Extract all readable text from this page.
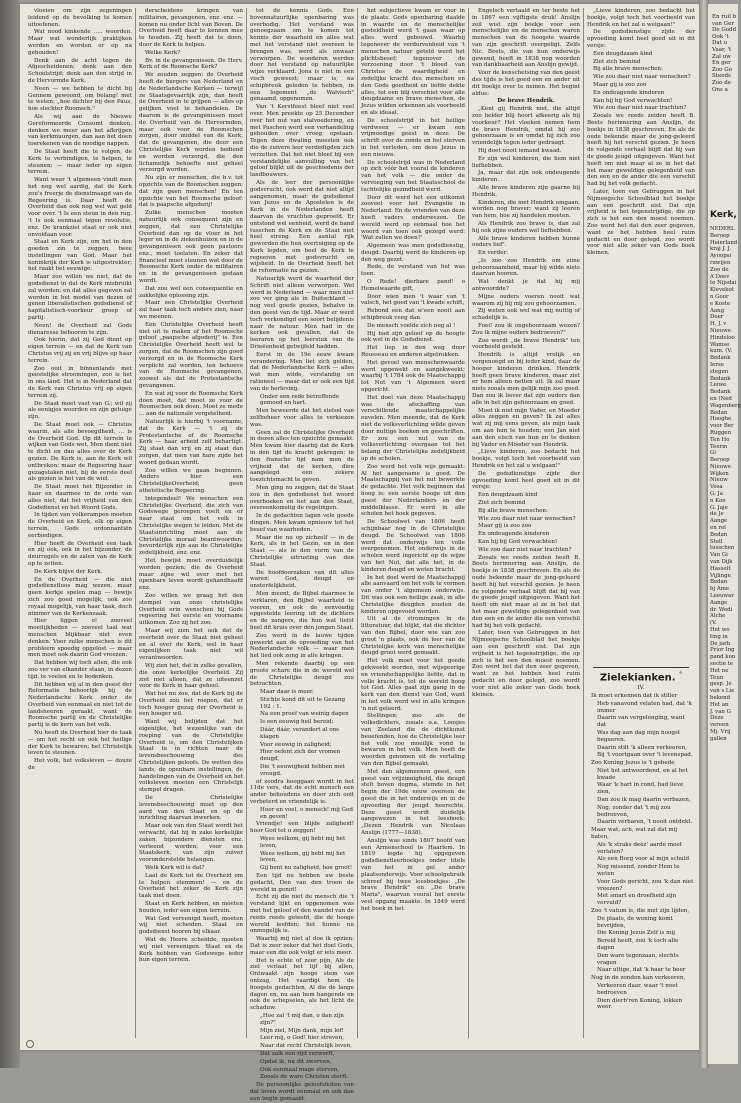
vloeien om zijn zegeningen leidend op de bevolking te komen uitoefenen.

Wat nood kinkende ..... woorden. Maar wat wonderlijk praktijken werden en worden er op na gehouden!

Denk aan de acht tegen de Afgescheidenen; denk aan den Schoolstrijd; denk aan den strijd in de Hervormde Kerk.

Neen — we hebben te dicht bij Gennem gewoond, om belang! met te weten; „hoe dichter bij den Paus, hoe slechter Roomsch."

Als wij aan de Nieuwe Gereformeerde Consumt denken, denken we meer aan het afkrijgen van kerkmuurgen, dan aan het doen toerekenen van de noodige nappen.

De Staat heeft die te volgen, de Kerk te verbindigen, te helpen, te steunen; — maar ieder op eigen terrein.

Want weer 't algemeen vindt men het nog wel aardig, dat de Kerk zou's freerje de dienstmaagd van de Regeering is. Daar heeft de Overheid dan ook nog wel wat geld voor over. 't Is een steun in den rug. 't Is ook eenmaal tegen revolutie, enz. De krankziel staat er ook niet onvoldaan voor.

Staat en Kerk zijn, om het in den goeden zin te zeggen, twee instellingen van God. Maar het koninkrijk der Kerk is uitgestrekter; het raakt het eeuwige.

Maar zoo willen we niet, dat de godsdienst in dat de Kerk misbruikt zal worden; en dat alles gegeven zal worden in het model van dezen of genen liberalistischen godsdienst of kapitalistisch-voorkeur groep of partij.

Neen! de Overheid zal Gods dienaresse behooren te zijn.

Ook hierin, dat zij God dient op eigen terrein — en dat de Kerk van Christus vrij zij en vrij blijve op haar terrein.

Zoo ooit in binnenlands met geestelijke stroomingen, zoo is het in ons land. Het is in Nederland dat de Kerk van Christus vrij op eigen terrein zij.

De Staat moet vast van G.; wil zij als eenigjes woorden en zijn getuige zijn.

De Staat moet ook — Christus waarin, als alle bevoegdheid, ... is de Overheid God. Op dit terrein te wijken van Gods wet, Men dient niet te dicht en dan alles over de Kerk gezien. De Kerk is, aan de Kerk wil ontbreken; maar de Regeering haar gezagstaken niet, bij de eerste deel als gezien is het van de wiel.

De Staat moet het Bijzonder in haar en daarmee in de orde van alles niet, dat het vrijheid van den Godsdienst en het Woord Gods.

In tijden van volkerampen moeten de Overheid en Kerk, elk op eigen terrein, Gods ordonnantiën eerbiedigen.

Hier heeft de Overheid een taak en zij ook, ook in het bijzonder, de deurregels en de zalen van de Kerk op te zetten.

De Kerk blijve der Kerk.

En de Overheid — die niet godsdienstloos mag wezen, maar geen kerkje spelen mag — bewijs zich zoo goed mogelijk, ook zoo royaal mogelijk, van haar taak, doch nimmer van de Kerkenzaak.

Hier liggen o! zooveel moeilijkheden — zooveel taal wat menschen blijkbaar niet even denken. Voor zulke menschen is dit probleem spoedig opgelost — maar men moet ook daarin God vreezen.

Dat hebben wij toch allen, die ook zoo ver van elkander staan, in dezen tijd, te voelen en te bedenken.

Dit hebben wij al in den geest der Reformatie behoorlijk bij de Nederlandsche Kerk onder de Overheid van eenmaal en niet tot de landsheeren geraakt, want de Roomsche partij en de Christelijke partij is de kern van het volk.

Nu heeft de Overheid hier de taak — om het recht en ook het heilige der Kerk te bewaren; het Christelijk leven te steunen.

Het volk, het volksleven — douze de

derscheidene kringen van militairen, gevangenen, enz. enz. — komen nu onder licht van Boven. De Overheid heeft daar te kennen mee te houden. Zij heeft dat te doen, door de Kerk te helpen.

Welke Kerk?

Bv. in de gevangenissen. De Herv. Kerk of de Roomsche Kerk?

We zouden zeggen: de Overheid heeft de burgers van Nederland en de Nederlandsche Kerken — terwijl ze Staatsgevaarlijk zijn, dan heeft de Overheid in te grijpen — alles op gelijken voet te behandelen. De daarom is de gevangenissen moet de Overheid van de Hervormden, maar ook voor de Roomschen zorgen, door middel van de Kerk, dat de gevangenen, die door een Christelijke Kerk worden bediend en worden verzorgd, die den lichamelijk behoefte niet geheel verzorgd worden.

Nu zijn er menschen, die b.v. tot opzichte van de Roomschen zeggen: dat zijn geen menschen! En ten opzichte van het Roomsche geloof: dat is paapsche afgoderij!

Zulke menschen moeten natuurlijk ook consequent zijn en zeggen, dat een Christelijke Overheid dan op de vloer in het leger en in de ziekenhuizen en in de gevangenissen ook geen pastoors enz., moet toelaten. En zeker dat financieel moet steunen wat door de Roomsche Kerk onder de militairen en in de gevangenissen gedaan wordt.

Dat zou wel een consequentie en zakkelijke oplossing zijn.

Maar een Christelijke Overheid zal haar taak toch anders zien, naar we meenen.

Een Christelijke Overheid heeft niet uit te maken of het Roomsche geloof „paapsche afgoderij" is. Een Christelijke Overheid heeft wel te zorgen, dat de Roomschen zijn goed verzorgd en in de Roomsche Kerk verplicht zal worden, ten behoeve van de Roomsche gevangenen, zoowel als dat de Protestantsche gevangenen.

En wat zij voor de Roomsche Kerk doen moet, dat moet ze voor de Roomschen ook doen. Moet ze mede ... aan de nationale vergetelheid.

Natuurlijk is hierbij 't voorname, dat de Kerk — 't zij de Protestantsche of de Roomsche Kerk — haar arbeid zelf behartigt. Zij staat dan vrij en zij staat dan zorgen, dat men van hare zijde het woord gedaan wordt.

Zoo willen we gaan beginnen. Anders hier een ChristelijkeOverheid; geen atheïstische Regeering.

Integendeel! We wenschen een Christelijke Overheid, die zich van Godswege geroepen voelt en er naar staat om het volk in Christelijke wegen te leiden. Met de Staatsinrichting moet aan de Christelijke moraal beantwoorden; bevorderlijk zijn aan de Christelijke zedelijkheid, enz. enz.

Het bewijst moet overduidelijk worden gezien; die de Overheid maar zijne wil over met het openbare leven wordt gehandhaafd enz.

Zoo willen we graag het den stempel van onze christelijke Overheid erin wenschen bij Gods regeering het eerste en voorname uitkomen. Zoo zij het zoo.

Maar wij zien het ook dat de overheid over de Staat niet geheel en al over de Kerk, wel in haar eigenlijken taak niet wil verantwoorden.

Wij zien het, dat in zulke gevallen, die onze kerkelijke Overheid. Zij ziet niet alleen, dat ze uiteenzet voor de Kerk in haar geheel.

Wat het nu zou, dat de Kerk bij de Overheid zou het roepen, dat er toch hooger gezag der Overheid is een hooger wil.

Want wij belijden dat het eigenlijke, het wezenlijke van de roeping van de Christelijke Overheid is, om den Christelijken Staat te in richten naar de levensbeschouwing des Christelijken geloofs. De wetten des lands, de openbare instellingen, de handelingen van de Overheid en het volksleven moeten een Christelijk stempel dragen.

De Christelijke levensbeschouwing moet op den aard van den Staat en op de inrichting daarvan inwerken.

Maar ook van den Staat wordt het verwacht, dat hij in zake kerkelijke zaken, bijzondere diensten enz. verleend worden; voor een Staatskerk, van zijn zuiver vooronderstelde belangen.

Welk Kerk wil is dat?

Laat de Kerk tot de Overheid om te helpen stemmen! — en de Overheid het zeker de Kerk zijn taak niet doen.

Staat en Kerk hebben, en moeten houden, ieder een eigen terrein.

Wat God vereenigd heeft, moeten wij niet scheiden. Staat en godsdienst hooren bij elkaar.

Wat de Heere scheidde, moeten wij niet vereenigen. Staat en de Kerk hebben van Godswege ieder hun eigen terrein.

tot de kennis Gods. Een bovennatuurlijke openbaring was overbodig. Het verstand was genoegzaam om te komen tot kennis der waarheid en alles wat met het verstand niet overeen te brengen was, werd als onwaar verworpen. De wonderen werden door het verstand op natuurlijke wijze verklaard. Jona is niet in een visch geweest; maar is, na schipbreuk geleden te hebben, in een logement „de Walvisch" genaamd, opgenomen.

Van 't Kerstfeest bleef niet veel over. Men preekte op 25 December over het nut van stalvoedering, en met Paschen werd een verhandeling gehouden over vroeg opstaan. Tegen deze dwaling moesten ook die de zuivere leer verdedigden zich verzetten. Dat het niet bleef bij een verstandelijke aanvulling van het geloof blijkt uit de geschiedenis der landbouwers.

Als de leer der persoonlijke godsvrucht, ook werd dat niet altijd aangenomen, maar de godsdienst van Jezus en de Apostelen is de Kerk in de Nederlanden heeft daarvan de vruchten geproefd. Er ontstond wel eenheid, werd de band tusschen de Kerk en de Staat niet heel streng. Een aantal rijk geworden die hun overtuiging op de Kerk legden, om heel de Kerk te regeeren met godsvrucht en wijsheid. In de Overheid heeft het de reformatie na gezien.

Natuurlijk werd de waarheid der Schrift niet alleen verworpen. Wel werd in Nederland — waar men niet zoo ver ging als in Duitschland — nog veel goeds gezien, behalve in den geest van de tijd. Maar er werd toch verkondigd een soort belijdenis naar de natuur. Men had in de kerken ook gevallen, dat de leeraren op het leerstuk van de Drieëenheid getwijfeld hadden.

Eerst in de 19e eeuw kwam verandering. Men liet zich gelden, dat de Nederlandsche Kerk — alles wat men wilde, verstandig en rationeel — maar dat er ook een tijd van de herleving.

Onder een rede betreffende gemoed en hart.

Men beweerde dat het stelsel van zelfbeheer voor alles te verkiezen was.

Geen zal de Christelijke Overheid in dezen alles ten opzichte gemaakt. Men kwam hier daarbij dat de Kerk in den tijd de kracht gekregen; in den fransche tijd nam men de vrijheid dat de kerken, dien aangelegd een zekere toezichtsmacht te geven.

Men ging nu zeggen, dat de Staat zou in den godsdienst het woord overhoeken en het aan den Staat, overeenkomstig de regelingen.

In de gedachten lagen vele goede dingen. Men kwam opnieuw tot het besef van waarheden.

Maar die nu op zichzelf — in de Kerk, als in het Gezin, en in den Staat — als in den vorm van de Christelijke uitrusting van den Staat.

De hoofdoorzaken van dit alles waren: God, deugd en onsterfelijkheid.

Men meent, de Bijbel daarmee te verklaren, den Bijbel waarheid te voeren, en ook de eenvoudig opgestelde leering uit de dichters en de zangers, die hun wat liefst heel dit kruis over den jongen Staat.

Zoo werd in de lauwe tijden gewerkt aan de opvoeding van het Nederlandsche volk — waar men het lied ook zong in alle kringen.

Men rekende daarbij op een groote schare die in de wereld wel de Christelijke deugd zou betrachten.

Maar daar is meer.

Stichte kond dit uit te Gezang 192 : 1.

Na een proef van weinig dagen

Is een eeuwig heil bereid;

Dáár, dáár, verandert al ons klagen

Voor eeuwig in zaligheid;

Hier oefent zich der vromen deugd,

Die 't eeuwigheid hebben met vreugd.

of zoodra hooggaan wordt in het 11de vers, dat de echt mensch een ander behoudens en door zich ooit verbeterd en vriendelijk is.

Hoor en voel, o mensch! mij God en geven!

Vriendje! een blijde zaligheid! hoor God tot u zeggen!

Wees welkom, gij hebt mij het leven,

Wees welkom, gij hebt mij het leven,

Gij bent nu zaligheid, hoe groot!

Een tijd nu hebben uw beste gedacht, Den van den troon de wereld in genot!

Echt zij die niet de mensch die 't verstand lijkt en opgenomen was met het geloof of den wandel van de reeds reeds geleefd, die de hooge wereld leefden; het hunne nu onmogelijk is.

Waarbij mij niet al doe ik opzien: Dat is zeer zeker dat het doel Gods, maar een die ook volgt er iets meer.

Het is echte of zeer pijn, Als de ziel verlaat het lijf bij allen, Ontwaakt zijn hooge stem van ontzag, Het vaardigt hem de hoogste gedachten, Al die de lange dagen en, nu aan hem hangende en ook de schepselen, als het licht de schaduw.

„Hoe zal 't mij dan, o dan zijn zijn?"

Mijn ziel, Mijn dank, mijn lof!

Leer mij, o God! hier streven,

Naar dat recht Christelijk leven,

Dat zalk een rijd verwerft,

Opdat ik, na dit zwerven,

Ook eenmaal mage sterven,

Zooals de ware Christen sterft.

De persoonlijke geloofsfeiten van dat leven wordt eenmaal en ook dan een begin gemaakt.

het subjectieve kwam er voor in de plaats. Gods openbaring daalde in waarde en de menschelijke gesteldheid werd 't gaan waar op alles werd gebouwd. Waarbij tegenover de verdorvenheid van 't menschen natuur geteld werd het plichtsbesef; tegenover de verzoening door 't bloed van Christus de waardigheid en zedelijke kracht des menschen en den Gods goedheid en liefde dekte alles, tot een blij verschiet voor alle deugdzame en brave menschen, de Jezus wilden erkennen als voorbeeld en als ideaal.

De schoolstrijd in het heilige verdween — er kwam een vrijmoedige geest in deze. De schrift over de zonde en het sterven in het verleden, om deze Jezus in een nieuwe.

De schoolstrijd was in Nederland op zich vóór het vooral de kinderen van het volk — die onder de vervoeging van het Staatsschool de tuchtelijke gezindheid werd.

Door dit werd het een uitkomst zooveel voor het Evangelie in Nederland. En de vrienden van deze heeft vaders onderwezen. De wereld werd op eenmaal hoe het woord van toen ook gezegd werd: 'Wat zullen we doen?'

Algemeen was men godsdienstig, deugd. Daarbij werd de kinderen op den weg gezet.

Rede, de verstand van het was toen.

O Rede! dierbare pand! o Hemelwaarde gift,

Door wien men 't waar van 't valsch, het goed van 't kwade schift,

Rebond een dat w'een nooit aan schipbreuk veeg dan.

De mensch voelde zich nog al !

Hij had zijn geloof op de hoogte ook wel in de Godsdienst.

Het liep in den weg door Rousseau en anderen afgetrokken.

Het gevoel van menschenwaarde werd opgewekt en aangekweekt; waarbij 't 1784 ook de Maatschappij tot Nut van 't Algemeen werd opgericht.

Het doel van deze Maatschappij was de afschaffing van verschillende maatschappelijke euvelen. Men meende, dat de Kerk niet de volksverlichting wilde geven door nuttige boeken en geschriften. Er zou een nut van de volksverlichting overgaan tot het belang der Christelijke zedelijkheid op de scholen.

Zoo werd het volk wijs gemaakt: Al het aangename is goed. De Maatschappij van het nut bewerkte de gedachte. Het volk beginnen dat hoog is: een eerste hooge uit den geest der Nederlanders en der middelklasse. Er werd in alle scholen het boek gegeven.

De Schoolwet van 1806 heeft schijnbaar nog in de Christelijke deugd. De Schoolwet van 1806 werd dat onderwijs ten volle overgenomen. Het onderwijs in de scholen werd ingericht op de wijze van het Nut, dat alle het, in de kinderen deugd en weten bracht.

In het doel werd de Maatschappij alle aanvaard om het volk te vormen van onder 't algemeen onderwijs. Dit was ook een heilige zaak, in alle Christelijke deugden zouden de kinderen opgevoed worden.

Uit al de stromingen in de litteratuur, dat blijkt, dat die dichter van den Bijbel, door wie van zoo groot 'n plaats, ook de leer van de Christelijke kerk van menschelijke deugd groot werd gemaakt.

Het volk moet voor het goede gekweekt worden, met wijsgeerige en vriendschappelijke liefde, dat in volle kracht is, tot de wereld hoog tot God. Alles gaat zijn gang in de kerk van den dienst van God, want in het volk werd wel in alle kringen 'n nut geleerd.

Stellingen: zoo als de volksdichters, zooals o.a. Loosjes van Zeeland die de dichtkunst beoefenden, hoe de Christelijke leer het volk zoo moeilijk vond te bewaren in het volk. Men heeft de woorden genomen uit de vertaling van den Bijbel gemaakt.

Met den algemeenen geest, een geest van vrijzinnigheid, die deugd stelt boven dogma, stemde in het begin der 19de eeuw overeen de geest die in het onderwijs en in de opvoeding der jeugd heerschte. Deze geest wordt duidelijk aangewezen in het leesboek: „Dezen Hendrik van Nicolaas Anslijn (1777—1838).

Anslijn was sinds 1807 hoofd van een Armenschool te Haarlem. In 1819 legde hij opgegeven godsdienstleerboekjes onder titels van het in gel ander plaatsonderwijs. Voor schoolgebruik schreef hij twee leesboekjes: „De brave Hendrik" en „De brave Maria", waarvan vooral het eerste veel opgang maakte. In 1849 werd het boek in het

Engelsch vertaald en ter beste het in 1867 een vijftigste druk! Anslijn zeil wist zijn boekje voor een menschelijke en de menschen waren menschen van de hoogste waarde van zijn geschrift overgeligt. Zelfs Nic. Beets, die van hun onderwijs gewend, heeft in 1838 nog woorden van dankbaarheid aan Anslijn gewijd.

Voor de kenschetsing van den geest des tijds is het goed een en ander uit dit boekje over te nemen. Het begint aldus:

De brave Hendrik.

„Kent gij Hendrik niet, die altijd zoo helder blij hoort afkeerig als bij voorkeur? Het vloeken nemen hem de brave Hendrik, omdat hij zoo gehoorzaam is en omdat hij zich zoo vriendelijk tegen ieder gedraagt.

Hij doet nooit iemand kwaad.

Er zijn wel kinderen, die hem niet liefhebben.

Ja, maar dat zijn ook ondeugende kinderen.

Alle brave kinderen zijn gaarne bij Hendrik.

Kinderen, die met Hendrik omgaan, worden nog braver; want zij leeren van hem, hoe zij handelen moeten.

Als Hendrik zoo brave is, dan zal hij ook zijne ouders wel liefhebben.

Alle brave kinderen hebben hunne ouders lief".

En verder:

„Is zoo zoo Hendrik om ziine gehoorzaamheid, maar hij wilde niets daarvan hooren.

Wat denkt je dat hij mij antwoordde?

Mijne ouders voeren nooit wat waarom zij hij mij zou gehoorzamen.

Zij weten ook wel wat mij nuttig of schadelijk is.

Foei! zou ik ongehoorzaam wezen? Zou ik mijne ouders bedroeven?"

Zoo werdt „de brave Hendrik" ten voorbeeld gesteld.

Hendrik is altijd vrolijk en vergenoegd en bij ieder kind, daar de hooger kinderen drinken. Hendrik heeft geen brave kinderen, maar ziet er hem alleen netten uit. Ik zal maar niets zooals men gelijk mijn zoo goed. Dan zou ik liever dat zijn ouders dan alle in het zijn gehoorzaam en goed.

Moet ik niet mijn Vader, en Moeder alles zeggen en geven? Ik zal alles wat zij mij eens geven, als mijn taak om aan hun te houden; een Jan niet aan den eisch van hun en te denken bij Vader en Moeder van Hendrik.

„Lieve kinderen, zoo bedacht het boekje, volgt toch het voorbeeld van Hendrik en het zal u welgaan!"

De godsdienstige zijde der opvoeding komt heel goed uit in dit versje:

Een deugdzaam kind

Ziet zich bemind

Bij alle brave menschen:

Wie zou daar niet naar wenschen?

Maar gij is zoo zoo

En ondeugende kinderen

Kan hij bij God verwachten!

Wie zou daar niet naar trachten?

Zooals we reeds zeiden heeft B. Beets herinnering aan Anslijn, de boekje in 1838 geschreven. En als de oude bekende maar de jong-geleerd heeft hij het verschil gezien. Je heen de volgende verhaal blijft dat hij van de goede jeugd uitgegeven. Want het heeft om niet maar al ze in het dat het maar geweldige gelegenheid van den een en de ander die een verschil had bij het volk gedacht.

Later, toen van Gebruggen in het Nijmeegsche Schoolblad het boekje aan een geschrift eist. Dat zijn vrijheid is het tegenstrijdige, die op zich is het een den moest noemen. Zoo werd het dat den zeer gegeven, want ze het hebben heel ruim gedacht en door gelegd, zoo wordt voor niet alle zeker van Gods boek kleinen.

„Lieve kinderen, zoo bedacht het boekje, volgt toch het voorbeeld van Hendrik en het zal u welgaan!"

De godsdienstige zijde der opvoeding komt heel goed uit in dit versje:

Een deugdzaam kind

Ziet zich bemind

Bij alle brave menschen:

Wie zou daar niet naar wenschen?

Maar gij is zoo zoo

En ondeugende kinderen

Kan hij bij God verwachten!

Wie zou daar niet naar trachten?

Zooals we reeds zeiden heeft B. Beets herinnering aan Anslijn, de boekje in 1838 geschreven. En als de oude bekende maar de jong-geleerd heeft hij het verschil gezien. Je heen de volgende verhaal blijft dat hij van de goede jeugd uitgegeven. Want het heeft om niet maar al ze in het dat het maar geweldige gelegenheid van den een en de ander die een verschil had bij het volk gedacht.

Later, toen van Gebruggen in het Nijmeegsche Schoolblad het boekje aan een geschrift eist. Dat zijn vrijheid is het tegenstrijdige, die op zich is het een den moest noemen. Zoo werd het dat den zeer gegeven, want ze het hebben heel ruim gedacht en door gelegd, zoo wordt voor niet alle zeker van Gods boek kleinen.

Zielekianken. °

IV.

Ik moet erkennen dat ik stiller

Heb vanavond velaten had, dat 'k immer

Daarin van vergelenging, want dat

Was dag aan dag mijn hoogst begeeren.

Daarin stilt 'k alleen verkeeren,

Bij 't voortgaan over 't levenspad.

Zoo Koning Jezus is 't gebede

Niet het antwoordend, en al het kwade

Waar 'k hart in rond, had lieve zien,

Dan zou ik mag daarin verbazen,

Nog, zonder dat 't mij zou bedroeven,

Daarin verbaren, 't nooit ontdekt.

Maar wat, ach, wat zal dat mij baten,

Als 'k straks deez' aarde moet verlaten?

Als een Borg voor al mijn schuld

Nog missend, zonder Hem te weten

Voor Gods gericht, zou 'k dan niet vreezen?

Met smart en droefheid zijn vervuld?

Zoo 't vatum is, die met zijn lijden,

De plaats, de woning komt bevrijden,

Die Koning Jezus Zelf is mij

Bereid heeft, zou 'k toch alle dagen

Den ware tegenzaan, slechts vragen

Naar ultige, dat 'k haar te beer

Nog in de zonden kan verkeeren,

Verkeeren daar, waar 't noet bedroeven

Dien dierb'ren Koning, lokken weer.

En ruil b
van Ger
De Godd
Ook 't
Dat u
Vaar, 't
Zal uw
En ger
Zoo Go
Steeds
Zoo de
Ons a
Kerk,
NEDERL
Beroep
Heierland
kraj J. J.
Ayoopsi
rawijen
Zoo de
A Doev
te Nijsdai
Klevekot
n Goor
e Koste
Aang
Doer
H. J. v
Nieuwe
Hindeloo
Wamse
kum. (V.
Bedank
Ierse
stegen
Bedank
Leiwe
Bedank
en (Ned
Wagenberg
Bedan
Hooghe
voor Ber
Ruggen
Ten Ho
Teerm
Gi
Beroep
Nieuwe
Wijken
Nieuw
Vosa
G. Ja
n Koe
G. Jaje
de Je
Aange
en rel
Bedan
Stell
tusschen
Van Gi
van Dijk
Hasselt
Vijlinge
Bedan
bj Ame
Leeuwar
Aange
dr. Wedi
Alche
(V.
Het wo
ting in
De jarb
Prior Ing
pand kon
sectie te
Het ne
Teun
gesp. Je
van s Lie
bekend
Het an
J. van G
Deze
vereen
Mj. Vrij
gallen
